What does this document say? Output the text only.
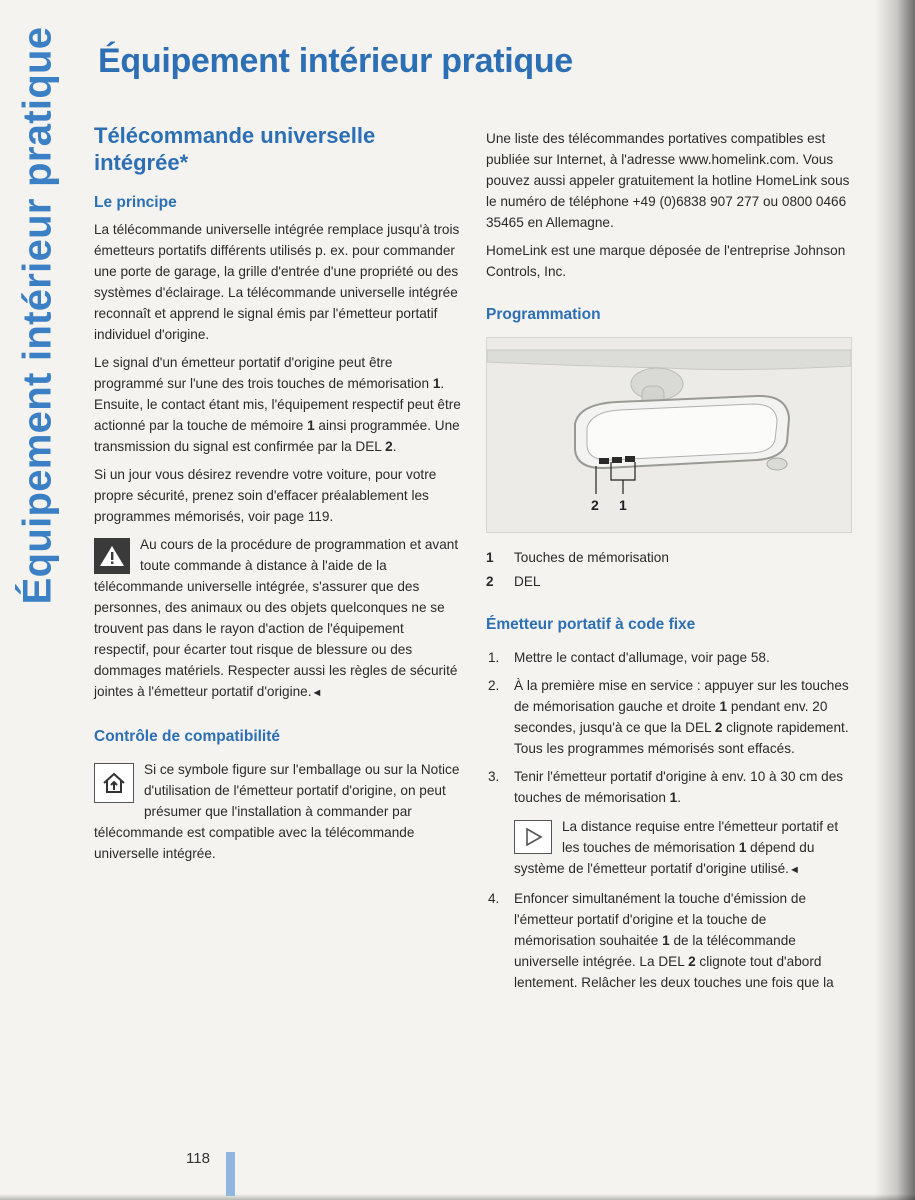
Équipement intérieur pratique Équipement intérieur pratique
Télécommande universelle intégrée*
Le principe

La télécommande universelle intégrée remplace jusqu'à trois émetteurs portatifs différents utilisés p. ex. pour commander une porte de garage, la grille d'entrée d'une propriété ou des systèmes d'éclairage. La télécommande universelle intégrée reconnaît et apprend le signal émis par l'émetteur portatif individuel d'origine.

Le signal d'un émetteur portatif d'origine peut être programmé sur l'une des trois touches de mémorisation 1. Ensuite, le contact étant mis, l'équipement respectif peut être actionné par la touche de mémoire 1 ainsi programmée. Une transmission du signal est confirmée par la DEL 2.

Si un jour vous désirez revendre votre voiture, pour votre propre sécurité, prenez soin d'effacer préalablement les programmes mémorisés, voir page 119.

Au cours de la procédure de programmation et avant toute commande à distance à l'aide de la télécommande universelle intégrée, s'assurer que des personnes, des animaux ou des objets quelconques ne se trouvent pas dans le rayon d'action de l'équipement respectif, pour écarter tout risque de blessure ou des dommages matériels. Respecter aussi les règles de sécurité jointes à l'émetteur portatif d'origine.◄
Contrôle de compatibilité
Si ce symbole figure sur l'emballage ou sur la Notice d'utilisation de l'émetteur portatif d'origine, on peut présumer que l'installation à commander par télécommande est compatible avec la télécommande universelle intégrée.

Une liste des télécommandes portatives compatibles est publiée sur Internet, à l'adresse www.homelink.com. Vous pouvez aussi appeler gratuitement la hotline HomeLink sous le numéro de téléphone +49 (0)6838 907 277 ou 0800 0466 35465 en Allemagne.

HomeLink est une marque déposée de l'entreprise Johnson Controls, Inc.

Programmation
2 1
1	Touches de mémorisation
2	DEL
Émetteur portatif à code fixe
1. Mettre le contact d'allumage, voir page 58.
2. À la première mise en service : appuyer sur les touches de mémorisation gauche et droite 1 pendant env. 20 secondes, jusqu'à ce que la DEL 2 clignote rapidement. Tous les programmes mémorisés sont effacés.
3. Tenir l'émetteur portatif d'origine à env. 10 à 30 cm des touches de mémorisation 1.
La distance requise entre l'émetteur portatif et les touches de mémorisation 1 dépend du système de l'émetteur portatif d'origine utilisé.◄
4. Enfoncer simultanément la touche d'émission de l'émetteur portatif d'origine et la touche de mémorisation souhaitée 1 de la télécommande universelle intégrée. La DEL 2 clignote tout d'abord lentement. Relâcher les deux touches une fois que la
118
